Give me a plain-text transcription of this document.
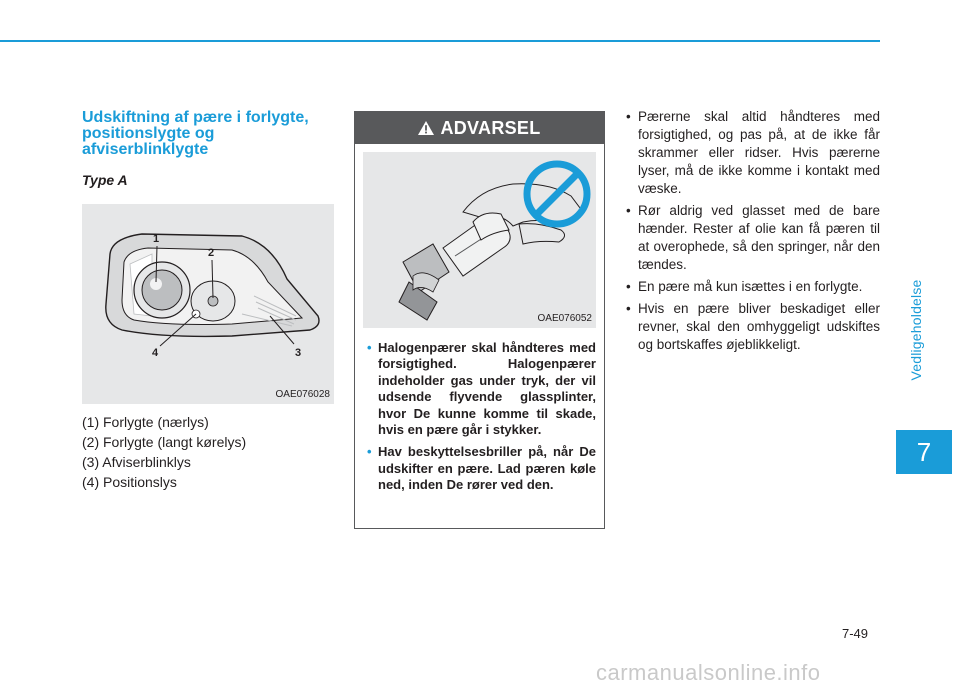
Vedligeholdelse
7
Udskiftning af pære i forlygte,
positionslygte og
afviserblinklygte
Type A
1
2
3
4
OAE076028
(1) Forlygte (nærlys)
(2) Forlygte (langt kørelys)
(3) Afviserblinklys
(4) Positionslys
ADVARSEL
OAE076052
• Halogenpærer skal håndteres med forsigtighed. Halogenpærer indeholder gas under tryk, der vil udsende flyvende glassplinter, hvor De kunne komme til skade, hvis en pære går i stykker.
• Hav beskyttelsesbriller på, når De udskifter en pære. Lad pæren køle ned, inden De rører ved den.
• Pærerne skal altid håndteres med forsigtighed, og pas på, at de ikke får skrammer eller ridser. Hvis pærerne lyser, må de ikke komme i kontakt med væske.
• Rør aldrig ved glasset med de bare hænder. Rester af olie kan få pæren til at overophede, så den springer, når den tændes.
• En pære må kun isættes i en forlygte.
• Hvis en pære bliver beskadiget eller revner, skal den omhyggeligt udskiftes og bortskaffes øjeblikkeligt.
7-49
carmanualsonline.info
